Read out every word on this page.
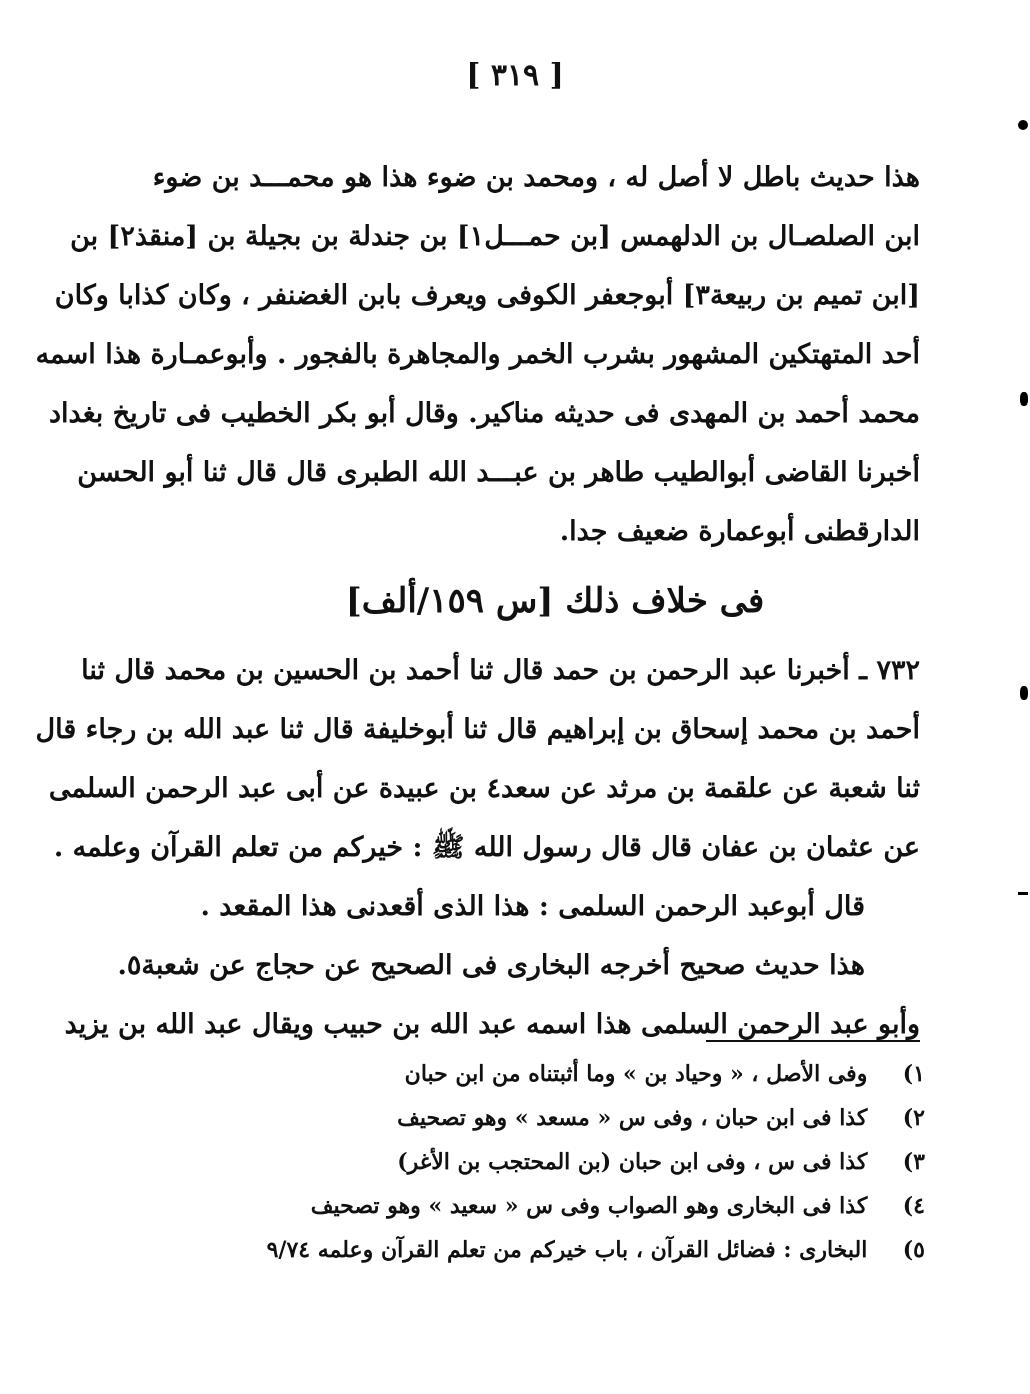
[ ٣١٩ ]
هذا حديث باطل لا أصل له ، ومحمد بن ضوء هذا هو محمـــد بن ضوء
ابن الصلصـال بن الدلهمس [بن حمـــل١] بن جندلة بن بجيلة بن [منقذ٢] بن
[ابن تميم بن ربيعة٣] أبوجعفر الكوفى ويعرف بابن الغضنفر ، وكان كذابا وكان
أحد المتهتكين المشهور بشرب الخمر والمجاهرة بالفجور . وأبوعمـارة هذا اسمه
محمد أحمد بن المهدى فى حديثه مناكير. وقال أبو بكر الخطيب فى تاريخ بغداد
أخبرنا القاضى أبوالطيب طاهر بن عبـــد الله الطبرى قال قال ثنا أبو الحسن
الدارقطنى أبوعمارة ضعيف جدا.
فى خلاف ذلك [س ١٥٩/ألف]
٧٣٢ ـ أخبرنا عبد الرحمن بن حمد قال ثنا أحمد بن الحسين بن محمد قال ثنا
أحمد بن محمد إسحاق بن إبراهيم قال ثنا أبوخليفة قال ثنا عبد الله بن رجاء قال
ثنا شعبة عن علقمة بن مرثد عن سعد٤ بن عبيدة عن أبى عبد الرحمن السلمى
عن عثمان بن عفان قال قال رسول الله ﷺ : خيركم من تعلم القرآن وعلمه .
قال أبوعبد الرحمن السلمى : هذا الذى أقعدنى هذا المقعد .
هذا حديث صحيح أخرجه البخارى فى الصحيح عن حجاج عن شعبة٥.
وأبو عبد الرحمن السلمى هذا اسمه عبد الله بن حبيب ويقال عبد الله بن يزيد
١) وفى الأصل ، « وحياد بن » وما أثبتناه من ابن حبان
٢) كذا فى ابن حبان ، وفى س « مسعد » وهو تصحيف
٣) كذا فى س ، وفى ابن حبان (بن المحتجب بن الأغر)
٤) كذا فى البخارى وهو الصواب وفى س « سعيد » وهو تصحيف
٥) البخارى : فضائل القرآن ، باب خيركم من تعلم القرآن وعلمه ٩/٧٤
